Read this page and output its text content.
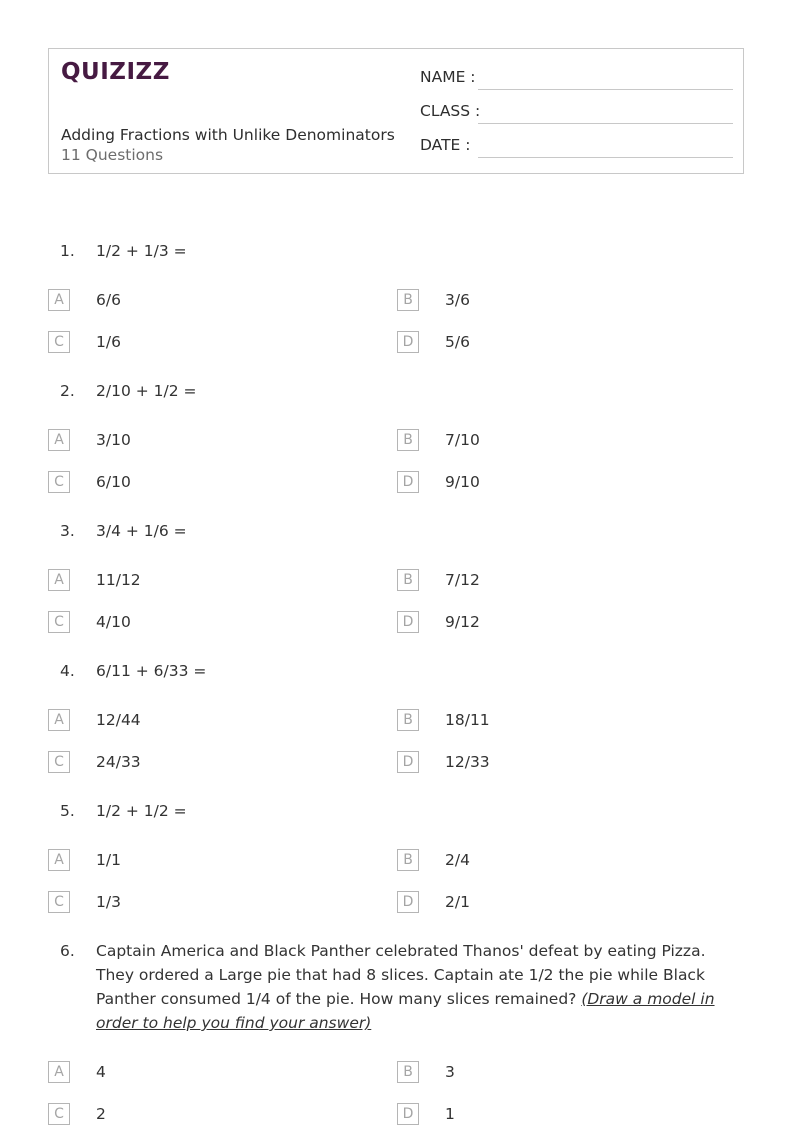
QUIZIZZ
Adding Fractions with Unlike Denominators
11 Questions
NAME :
CLASS :
DATE :
1. 1/2 + 1/3 =
A	6/6	B	3/6
C	1/6	D	5/6
2. 2/10 + 1/2 =
A	3/10	B	7/10
C	6/10	D	9/10
3. 3/4 + 1/6 =
A	11/12	B	7/12
C	4/10	D	9/12
4. 6/11 + 6/33 =
A	12/44	B	18/11
C	24/33	D	12/33
5. 1/2 + 1/2 =
A	1/1	B	2/4
C	1/3	D	2/1
6. Captain America and Black Panther celebrated Thanos' defeat by eating Pizza. They ordered a Large pie that had 8 slices. Captain ate 1/2 the pie while Black Panther consumed 1/4 of the pie. How many slices remained? (Draw a model in order to help you find your answer)
A	4	B	3
C	2	D	1
